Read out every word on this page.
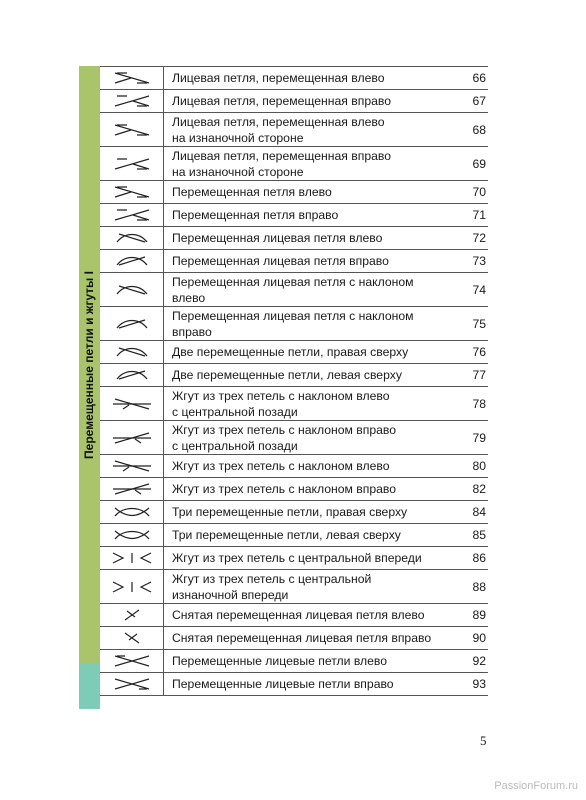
Перемещенные петли и жгуты I

Лицевая петля, перемещенная влево	66

Лицевая петля, перемещенная вправо	67

Лицевая петля, перемещенная влево
на изнаночной стороне	68

Лицевая петля, перемещенная вправо
на изнаночной стороне	69

Перемещенная петля влево	70

Перемещенная петля вправо	71

Перемещенная лицевая петля влево	72

Перемещенная лицевая петля вправо	73

Перемещенная лицевая петля с наклоном
влево	74

Перемещенная лицевая петля с наклоном
вправо	75

Две перемещенные петли, правая сверху	76

Две перемещенные петли, левая сверху	77

Жгут из трех петель с наклоном влево
с центральной позади	78

Жгут из трех петель с наклоном вправо
с центральной позади	79

Жгут из трех петель с наклоном влево	80

Жгут из трех петель с наклоном вправо	82

Три перемещенные петли, правая сверху	84

Три перемещенные петли, левая сверху	85

Жгут из трех петель с центральной впереди	86

Жгут из трех петель с центральной
изнаночной впереди	88

Снятая перемещенная лицевая петля влево	89

Снятая перемещенная лицевая петля вправо	90

Перемещенные лицевые петли влево	92

Перемещенные лицевые петли вправо	93
5
PassionForum.ru
